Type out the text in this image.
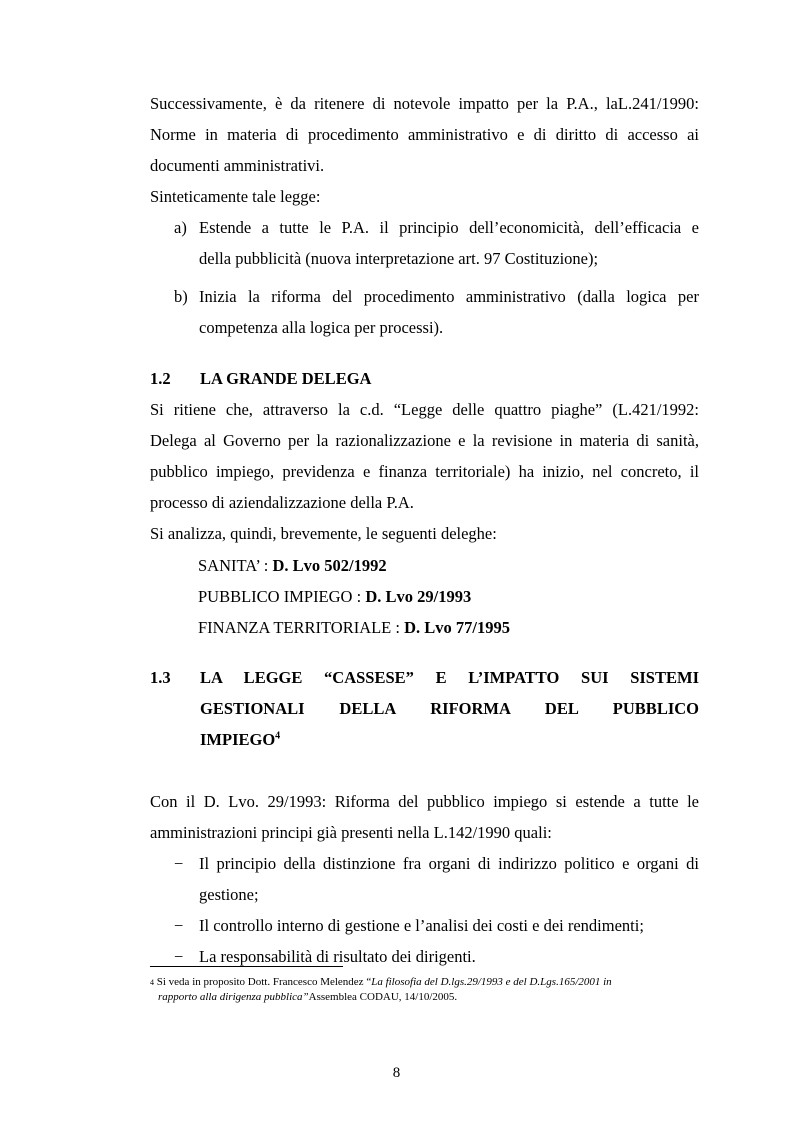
Successivamente, è da ritenere di notevole impatto per la P.A., laL.241/1990:
Norme in materia di procedimento amministrativo e di diritto di accesso ai
documenti amministrativi.
Sinteticamente tale legge:

a) Estende a tutte le P.A. il principio dell’economicità, dell’efficacia e
della pubblicità (nuova interpretazione art. 97 Costituzione);
b) Inizia la riforma del procedimento amministrativo (dalla logica per
competenza alla logica per processi).
1.2 LA GRANDE DELEGA

Si ritiene che, attraverso la c.d. “Legge delle quattro piaghe” (L.421/1992:
Delega al Governo per la razionalizzazione e la revisione in materia di sanità,
pubblico impiego, previdenza e finanza territoriale) ha inizio, nel concreto, il
processo di aziendalizzazione della P.A.
Si analizza, quindi, brevemente, le seguenti deleghe:

SANITA’ : D. Lvo 502/1992
PUBBLICO IMPIEGO : D. Lvo 29/1993
FINANZA TERRITORIALE : D. Lvo 77/1995
1.3 LA LEGGE “CASSESE” E L’IMPATTO SUI SISTEMI
GESTIONALI DELLA RIFORMA DEL PUBBLICO
IMPIEGO$^4$

Con il D. Lvo. 29/1993: Riforma del pubblico impiego si estende a tutte le
amministrazioni principi già presenti nella L.142/1990 quali:

− Il principio della distinzione fra organi di indirizzo politico e organi di
gestione;
− Il controllo interno di gestione e l’analisi dei costi e dei rendimenti;
− La responsabilità di risultato dei dirigenti.

$^4$ Si veda in proposito Dott. Francesco Melendez “La filosofia del D.lgs.29/1993 e del D.Lgs.165/2001 in
rapporto alla dirigenza pubblica”Assemblea CODAU, 14/10/2005.

8
